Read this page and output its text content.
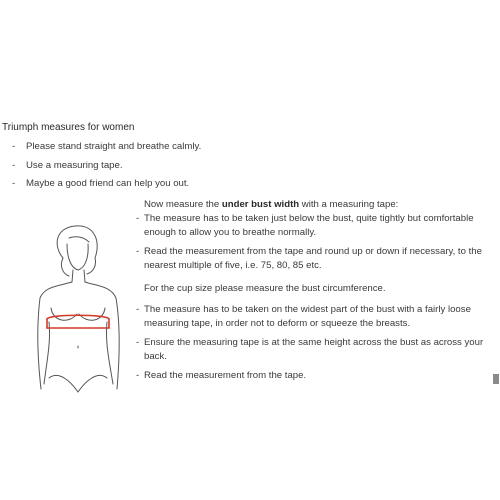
Triumph measures for women
- Please stand straight and breathe calmly.
- Use a measuring tape.
- Maybe a good friend can help you out.
Now measure the under bust width with a measuring tape:
- The measure has to be taken just below the bust, quite tightly but comfortable enough to allow you to breathe normally.
- Read the measurement from the tape and round up or down if necessary, to the nearest multiple of five, i.e. 75, 80, 85 etc.
For the cup size please measure the bust circumference.
- The measure has to be taken on the widest part of the bust with a fairly loose measuring tape, in order not to deform or squeeze the breasts.
- Ensure the measuring tape is at the same height across the bust as across your back.
- Read the measurement from the tape.
